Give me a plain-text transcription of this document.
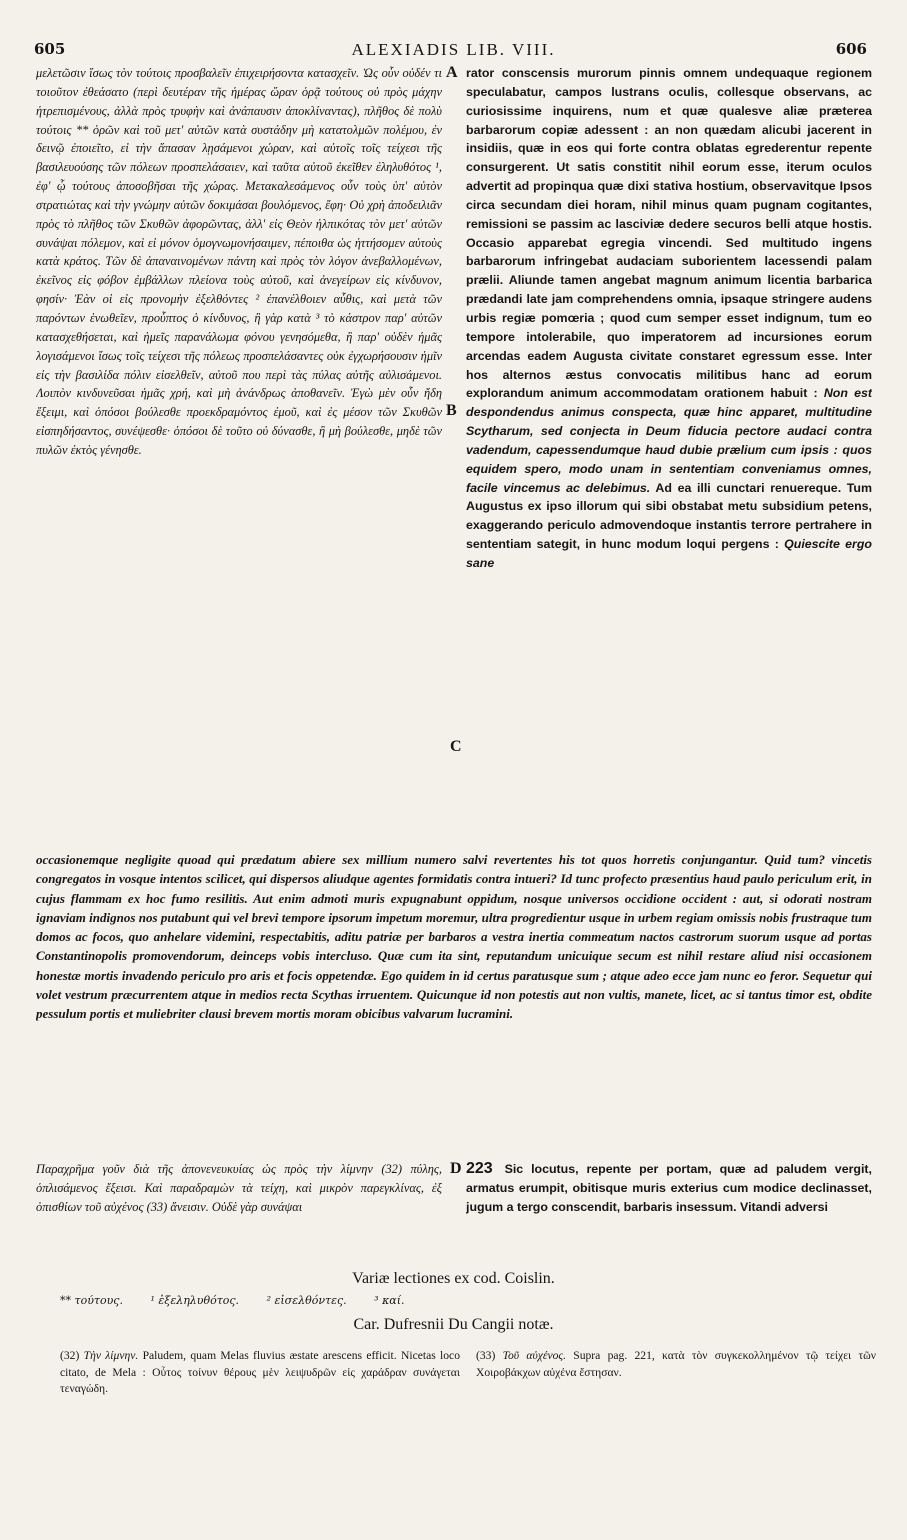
605	ALEXIADIS LIB. VIII.	606

μελετῶσιν ἴσως τὸν τούτοις προσβαλεῖν ἐπιχειρήσοντα κατασχεῖν. Ὡς οὖν οὐδέν τι τοιοῦτον ἐθεάσατο (περὶ δευτέραν τῆς ἡμέρας ὥραν ὁρᾷ τούτους οὐ πρὸς μάχην ἡτρεπισμένους, ἀλλὰ πρὸς τρυφὴν καὶ ἀνάπαυσιν ἀποκλίναντας), πλῆθος δὲ πολὺ τούτοις ** ὁρῶν καὶ τοῦ μετ' αὐτῶν κατὰ συστάδην μὴ κατατολμῶν πολέμου, ἐν δεινῷ ἐποιεῖτο, εἰ τὴν ἅπασαν λῃσάμενοι χώραν, καὶ αὐτοῖς τοῖς τείχεσι τῆς βασιλευούσης τῶν πόλεων προσπελάσαιεν, καὶ ταῦτα αὐτοῦ ἐκεῖθεν ἐληλυθότος ¹, ἐφ' ᾧ τούτους ἀποσοβῆσαι τῆς χώρας. Μετακαλεσάμενος οὖν τοὺς ὑπ' αὐτὸν στρατιώτας καὶ τὴν γνώμην αὐτῶν δοκιμάσαι βουλόμενος, ἔφη· Οὐ χρὴ ἀποδειλιᾶν πρὸς τὸ πλῆθος τῶν Σκυθῶν ἀφορῶντας, ἀλλ' εἰς Θεὸν ἠλπικότας τὸν μετ' αὐτῶν συνάψαι πόλεμον, καὶ εἰ μόνον ὁμογνωμονήσαιμεν, πέποιθα ὡς ἡττήσομεν αὐτοὺς κατὰ κράτος. Τῶν δὲ ἀπαναινομένων πάντη καὶ πρὸς τὸν λόγον ἀνεβαλλομένων, ἐκεῖνος εἰς φόβον ἐμβάλλων πλείονα τοὺς αὐτοῦ, καὶ ἀνεγείρων εἰς κίνδυνον, φησίν· Ἐὰν οἱ εἰς προνομὴν ἐξελθόντες ² ἐπανέλθοιεν αὖθις, καὶ μετὰ τῶν παρόντων ἑνωθεῖεν, προὖπτος ὁ κίνδυνος, ἢ γὰρ κατὰ ³ τὸ κάστρον παρ' αὐτῶν κατασχεθήσεται, καὶ ἡμεῖς παρανάλωμα φόνου γενησόμεθα, ἢ παρ' οὐδὲν ἡμᾶς λογισάμενοι ἴσως τοῖς τείχεσι τῆς πόλεως προσπελάσαντες οὐκ ἐγχωρήσουσιν ἡμῖν εἰς τὴν βασιλίδα πόλιν εἰσελθεῖν, αὐτοῦ που περὶ τὰς πύλας αὐτῆς αὐλισάμενοι. Λοιπὸν κινδυνεῦσαι ἡμᾶς χρή, καὶ μὴ ἀνάνδρως ἀποθανεῖν. Ἐγὼ μὲν οὖν ἤδη ἔξειμι, καὶ ὁπόσοι βούλεσθε προεκδραμόντος ἐμοῦ, καὶ ἐς μέσον τῶν Σκυθῶν εἰσπηδήσαντος, συνέψεσθε· ὁπόσοι δὲ τοῦτο οὐ δύνασθε, ἢ μὴ βούλεσθε, μηδὲ τῶν πυλῶν ἐκτὸς γένησθε.

A
B
C
D

rator conscensis murorum pinnis omnem undequaque regionem speculabatur, campos lustrans oculis, collesque observans, ac curiosissime inquirens, num et quæ qualesve aliæ præterea barbarorum copiæ adessent : an non quædam alicubi jacerent in insidiis, quæ in eos qui forte contra oblatas egrederentur repente consurgerent. Ut satis constitit nihil eorum esse, iterum oculos advertit ad propinqua quæ dixi stativa hostium, observavitque Ipsos circa secundam diei horam, nihil minus quam pugnam cogitantes, remissioni se passim ac lasciviæ dedere securos belli atque hostis. Occasio apparebat egregia vincendi. Sed multitudo ingens barbarorum infringebat audaciam suborientem lacessendi palam prælii. Aliunde tamen angebat magnum animum licentia barbarica prædandi late jam comprehendens omnia, ipsaque stringere audens urbis regiæ pomœria ; quod cum semper esset indignum, tum eo tempore intolerabile, quo imperatorem ad incursiones eorum arcendas eadem Augusta civitate constaret egressum esse. Inter hos alternos æstus convocatis militibus hanc ad eorum explorandum animum accommodatam orationem habuit : Non est despondendus animus conspecta, quæ hinc apparet, multitudine Scytharum, sed conjecta in Deum fiducia pectore audaci contra vadendum, capessendumque haud dubie prælium cum ipsis : quos equidem spero, modo unam in sententiam conveniamus omnes, facile vincemus ac delebimus. Ad ea illi cunctari renuereque. Tum Augustus ex ipso illorum qui sibi obstabat metu subsidium petens, exaggerando periculo admovendoque instantis terrore pertrahere in sententiam sategit, in hunc modum loqui pergens : Quiescite ergo sane

occasionemque negligite quoad qui prædatum abiere sex millium numero salvi revertentes his tot quos horretis conjungantur. Quid tum? vincetis congregatos in vosque intentos scilicet, qui dispersos aliudque agentes formidatis contra intueri? Id tunc profecto præsentius haud paulo periculum erit, in cujus flammam ex hoc fumo resilitis. Aut enim admoti muris expugnabunt oppidum, nosque universos occidione occident : aut, si odorati nostram ignaviam indignos nos putabunt qui vel brevi tempore ipsorum impetum moremur, ultra progredientur usque in urbem regiam omissis nobis frustraque tum domos ac focos, quo anhelare videmini, respectabitis, aditu patriæ per barbaros a vestra inertia commeatum nactos castrorum suorum usque ad portas Constantinopolis promovendorum, deinceps vobis intercluso. Quæ cum ita sint, reputandum unicuique secum est nihil restare aliud nisi occasionem honestæ mortis invadendo periculo pro aris et focis oppetendæ. Ego quidem in id certus paratusque sum ; atque adeo ecce jam nunc eo feror. Sequetur qui volet vestrum præcurrentem atque in medios recta Scythas irruentem. Quicunque id non potestis aut non vultis, manete, licet, ac si tantus timor est, obdite pessulum portis et muliebriter clausi brevem mortis moram obicibus valvarum lucramini.

Παραχρῆμα γοῦν διὰ τῆς ἀπονενευκυίας ὡς πρὸς τὴν λίμνην (32) πύλης, ὁπλισάμενος ἔξεισι. Καὶ παραδραμὼν τὰ τείχη, καὶ μικρὸν παρεγκλίνας, ἐξ ὀπισθίων τοῦ αὐχένος (33) ἄνεισιν. Οὐδὲ γὰρ συνάψαι

223 Sic locutus, repente per portam, quæ ad paludem vergit, armatus erumpit, obitisque muris exterius cum modice declinasset, jugum a tergo conscendit, barbaris insessum. Vitandi adversi

Variæ lectiones ex cod. Coislin.
** τούτους.	¹ ἐξεληλυθότος.	² εἰσελθόντες.	³ καί.
Car. Dufresnii Du Cangii notæ.
(32) Τὴν λίμνην. Paludem, quam Melas fluvius æstate arescens efficit. Nicetas loco citato, de Mela : Οὗτος τοίνυν θέρους μὲν λειψυδρῶν εἰς χαράδραν συνάγεται τεναγώδη.
(33) Τοῦ αὐχένος. Supra pag. 221, κατὰ τὸν συγκεκολλημένον τῷ τείχει τῶν Χοιροβάκχων αὐχένα ἔστησαν.
